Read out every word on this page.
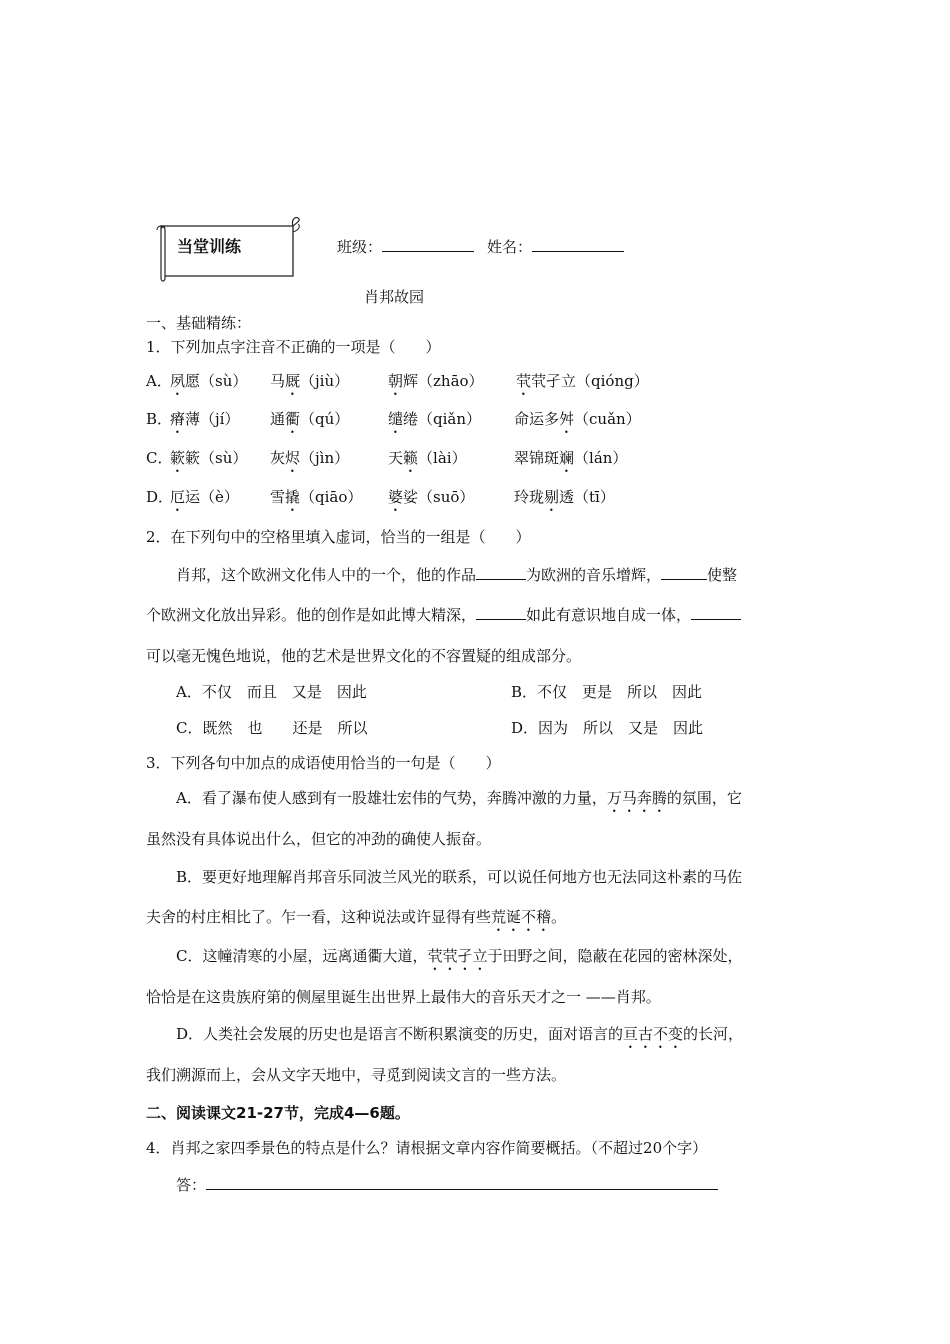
当堂训练	班级：	姓名：
肖邦故园
一、基础精练：
1．下列加点字注音不正确的一项是（　　）
A．
夙愿（sù） 马厩（jiù）	朝辉（zhāo） 茕茕孑立（qióng）
B．
瘠薄（jí） 通衢（qú）	缱绻（qiǎn） 命运多舛（cuǎn）
C．
簌簌（sù） 灰烬（jìn）	天籁（lài）	翠锦斑斓（lán）
D．
厄运（è） 雪撬（qiāo） 婆娑（suō）	玲珑剔透（tī）
2．在下列句中的空格里填入虚词，恰当的一组是（　　）
肖邦，这个欧洲文化伟人中的一个，他的作品	为欧洲的音乐增辉，	使整
个欧洲文化放出异彩。他的创作是如此博大精深，	如此有意识地自成一体，
可以毫无愧色地说，他的艺术是世界文化的不容置疑的组成部分。
A．不仅　而且　又是　因此	B．不仅　更是　所以　因此
C．既然　也　　还是　所以	D．因为　所以　又是　因此
3．下列各句中加点的成语使用恰当的一句是（　　）
A．看了瀑布使人感到有一股雄壮宏伟的气势，奔腾冲激的力量，万马奔腾的氛围，它
虽然没有具体说出什么，但它的冲劲的确使人振奋。
B．要更好地理解肖邦音乐同波兰风光的联系，可以说任何地方也无法同这朴素的马佐
夫舍的村庄相比了。乍一看，这种说法或许显得有些荒诞不稽。
C．这幢清寒的小屋，远离通衢大道，茕茕孑立于田野之间，隐蔽在花园的密林深处，
恰恰是在这贵族府第的侧屋里诞生出世界上最伟大的音乐天才之一 ——肖邦。
D．人类社会发展的历史也是语言不断积累演变的历史，面对语言的亘古不变的长河，
我们溯源而上，会从文字天地中，寻觅到阅读文言的一些方法。
二、阅读课文21-27节，完成4—6题。
4．肖邦之家四季景色的特点是什么？请根据文章内容作简要概括。（不超过20个字）
答：
